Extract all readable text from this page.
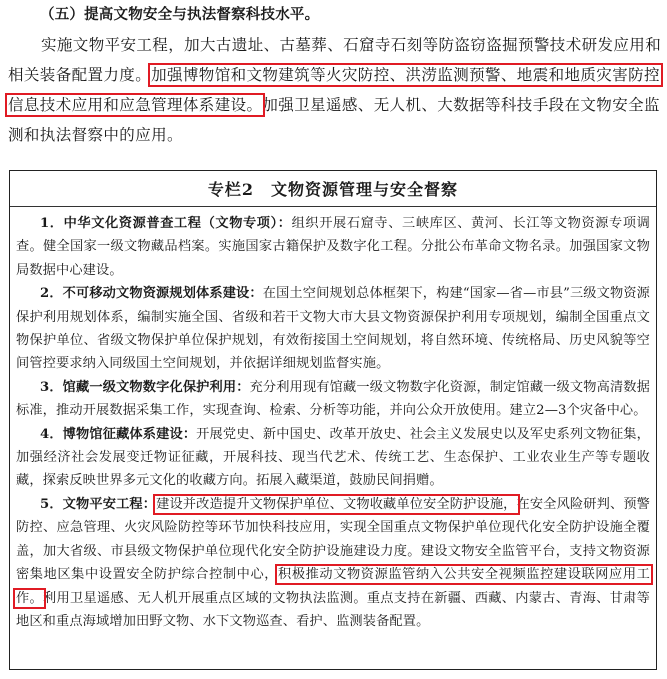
（五）提高文物安全与执法督察科技水平。

实施文物平安工程，加大古遗址、古墓葬、石窟寺石刻等防盗窃盗掘预警技术研发应用和相关装备配置力度。加强博物馆和文物建筑等火灾防控、洪涝监测预警、地震和地质灾害防控信息技术应用和应急管理体系建设。加强卫星遥感、无人机、大数据等科技手段在文物安全监测和执法督察中的应用。

专栏2　文物资源管理与安全督察

1．中华文化资源普查工程（文物专项）：组织开展石窟寺、三峡库区、黄河、长江等文物资源专项调查。健全国家一级文物藏品档案。实施国家古籍保护及数字化工程。分批公布革命文物名录。加强国家文物局数据中心建设。

2．不可移动文物资源规划体系建设：在国土空间规划总体框架下，构建“国家—省—市县”三级文物资源保护利用规划体系，编制实施全国、省级和若干文物大市大县文物资源保护利用专项规划，编制全国重点文物保护单位、省级文物保护单位保护规划，有效衔接国土空间规划，将自然环境、传统格局、历史风貌等空间管控要求纳入同级国土空间规划，并依据详细规划监督实施。

3．馆藏一级文物数字化保护利用：充分利用现有馆藏一级文物数字化资源，制定馆藏一级文物高清数据标准，推动开展数据采集工作，实现查询、检索、分析等功能，并向公众开放使用。建立2—3个灾备中心。

4．博物馆征藏体系建设：开展党史、新中国史、改革开放史、社会主义发展史以及军史系列文物征集，加强经济社会发展变迁物证征藏，开展科技、现当代艺术、传统工艺、生态保护、工业农业生产等专题收藏，探索反映世界多元文化的收藏方向。拓展入藏渠道，鼓励民间捐赠。

5．文物平安工程：建设并改造提升文物保护单位、文物收藏单位安全防护设施，在安全风险研判、预警防控、应急管理、火灾风险防控等环节加快科技应用，实现全国重点文物保护单位现代化安全防护设施全覆盖，加大省级、市县级文物保护单位现代化安全防护设施建设力度。建设文物安全监管平台，支持文物资源密集地区集中设置安全防护综合控制中心，积极推动文物资源监管纳入公共安全视频监控建设联网应用工作。利用卫星遥感、无人机开展重点区域的文物执法监测。重点支持在新疆、西藏、内蒙古、青海、甘肃等地区和重点海域增加田野文物、水下文物巡查、看护、监测装备配置。
